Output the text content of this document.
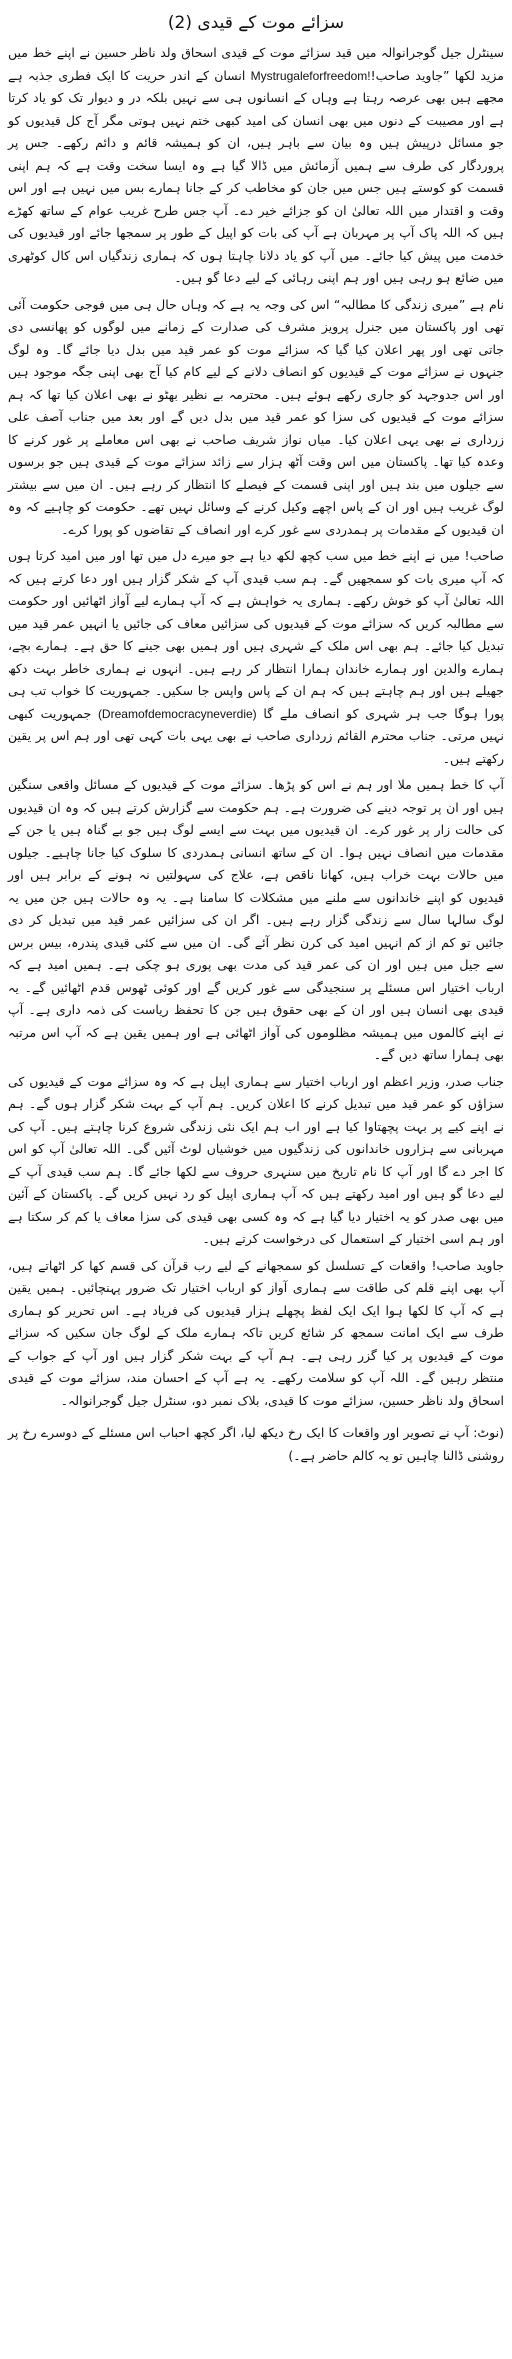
سزائے موت کے قیدی (2)

سینٹرل جیل گوجرانوالہ میں قید سزائے موت کے قیدی اسحاق ولد ناظر حسین نے اپنے خط میں مزید لکھا ”جاوید صاحب!Mystrugaleforfreedom! انسان کے اندر حریت کا ایک فطری جذبہ ہے مجھے ہیں بھی عرصہ رہتا ہے وہاں کے انسانوں ہی سے نہیں بلکہ در و دیوار تک کو یاد کرتا ہے اور مصیبت کے دنوں میں بھی انسان کی امید کبھی ختم نہیں ہوتی مگر آج کل قیدیوں کو جو مسائل درپیش ہیں وہ بیان سے باہر ہیں، ان کو ہمیشہ قائم و دائم رکھے۔ جس پر پروردگار کی طرف سے ہمیں آزمائش میں ڈالا گیا ہے وہ ایسا سخت وقت ہے کہ ہم اپنی قسمت کو کوستے ہیں جس میں جان کو مخاطب کر کے جانا ہمارے بس میں نہیں ہے اور اس وقت و اقتدار میں اللہ تعالیٰ ان کو جزائے خیر دے۔ آپ جس طرح غریب عوام کے ساتھ کھڑے ہیں کہ اللہ پاک آپ پر مہربان ہے آپ کی بات کو اپیل کے طور پر سمجھا جائے اور قیدیوں کی خدمت میں پیش کیا جائے۔ میں آپ کو یاد دلانا چاہتا ہوں کہ ہماری زندگیاں اس کال کوٹھری میں ضائع ہو رہی ہیں اور ہم اپنی رہائی کے لیے دعا گو ہیں۔

نام ہے ”میری زندگی کا مطالبہ“ اس کی وجہ یہ ہے کہ وہاں حال ہی میں فوجی حکومت آئی تھی اور پاکستان میں جنرل پرویز مشرف کی صدارت کے زمانے میں لوگوں کو پھانسی دی جاتی تھی اور پھر اعلان کیا گیا کہ سزائے موت کو عمر قید میں بدل دیا جائے گا۔ وہ لوگ جنہوں نے سزائے موت کے قیدیوں کو انصاف دلانے کے لیے کام کیا آج بھی اپنی جگہ موجود ہیں اور اس جدوجہد کو جاری رکھے ہوئے ہیں۔ محترمہ بے نظیر بھٹو نے بھی اعلان کیا تھا کہ ہم سزائے موت کے قیدیوں کی سزا کو عمر قید میں بدل دیں گے اور بعد میں جناب آصف علی زرداری نے بھی یہی اعلان کیا۔ میاں نواز شریف صاحب نے بھی اس معاملے پر غور کرنے کا وعدہ کیا تھا۔ پاکستان میں اس وقت آٹھ ہزار سے زائد سزائے موت کے قیدی ہیں جو برسوں سے جیلوں میں بند ہیں اور اپنی قسمت کے فیصلے کا انتظار کر رہے ہیں۔ ان میں سے بیشتر لوگ غریب ہیں اور ان کے پاس اچھے وکیل کرنے کے وسائل نہیں تھے۔ حکومت کو چاہیے کہ وہ ان قیدیوں کے مقدمات پر ہمدردی سے غور کرے اور انصاف کے تقاضوں کو پورا کرے۔

صاحب! میں نے اپنے خط میں سب کچھ لکھ دیا ہے جو میرے دل میں تھا اور میں امید کرتا ہوں کہ آپ میری بات کو سمجھیں گے۔ ہم سب قیدی آپ کے شکر گزار ہیں اور دعا کرتے ہیں کہ اللہ تعالیٰ آپ کو خوش رکھے۔ ہماری یہ خواہش ہے کہ آپ ہمارے لیے آواز اٹھائیں اور حکومت سے مطالبہ کریں کہ سزائے موت کے قیدیوں کی سزائیں معاف کی جائیں یا انہیں عمر قید میں تبدیل کیا جائے۔ ہم بھی اس ملک کے شہری ہیں اور ہمیں بھی جینے کا حق ہے۔ ہمارے بچے، ہمارے والدین اور ہمارے خاندان ہمارا انتظار کر رہے ہیں۔ انہوں نے ہماری خاطر بہت دکھ جھیلے ہیں اور ہم چاہتے ہیں کہ ہم ان کے پاس واپس جا سکیں۔ جمہوریت کا خواب تب ہی پورا ہوگا جب ہر شہری کو انصاف ملے گا (Dreamofdemocracyneverdie) جمہوریت کبھی نہیں مرتی۔ جناب محترم القائم زرداری صاحب نے بھی یہی بات کہی تھی اور ہم اس پر یقین رکھتے ہیں۔

آپ کا خط ہمیں ملا اور ہم نے اس کو پڑھا۔ سزائے موت کے قیدیوں کے مسائل واقعی سنگین ہیں اور ان پر توجہ دینے کی ضرورت ہے۔ ہم حکومت سے گزارش کرتے ہیں کہ وہ ان قیدیوں کی حالت زار پر غور کرے۔ ان قیدیوں میں بہت سے ایسے لوگ ہیں جو بے گناہ ہیں یا جن کے مقدمات میں انصاف نہیں ہوا۔ ان کے ساتھ انسانی ہمدردی کا سلوک کیا جانا چاہیے۔ جیلوں میں حالات بہت خراب ہیں، کھانا ناقص ہے، علاج کی سہولتیں نہ ہونے کے برابر ہیں اور قیدیوں کو اپنے خاندانوں سے ملنے میں مشکلات کا سامنا ہے۔ یہ وہ حالات ہیں جن میں یہ لوگ سالہا سال سے زندگی گزار رہے ہیں۔ اگر ان کی سزائیں عمر قید میں تبدیل کر دی جائیں تو کم از کم انہیں امید کی کرن نظر آئے گی۔ ان میں سے کئی قیدی پندرہ، بیس برس سے جیل میں ہیں اور ان کی عمر قید کی مدت بھی پوری ہو چکی ہے۔ ہمیں امید ہے کہ ارباب اختیار اس مسئلے پر سنجیدگی سے غور کریں گے اور کوئی ٹھوس قدم اٹھائیں گے۔ یہ قیدی بھی انسان ہیں اور ان کے بھی حقوق ہیں جن کا تحفظ ریاست کی ذمہ داری ہے۔ آپ نے اپنے کالموں میں ہمیشہ مظلوموں کی آواز اٹھائی ہے اور ہمیں یقین ہے کہ آپ اس مرتبہ بھی ہمارا ساتھ دیں گے۔

جناب صدر، وزیر اعظم اور ارباب اختیار سے ہماری اپیل ہے کہ وہ سزائے موت کے قیدیوں کی سزاؤں کو عمر قید میں تبدیل کرنے کا اعلان کریں۔ ہم آپ کے بہت شکر گزار ہوں گے۔ ہم نے اپنے کیے پر بہت پچھتاوا کیا ہے اور اب ہم ایک نئی زندگی شروع کرنا چاہتے ہیں۔ آپ کی مہربانی سے ہزاروں خاندانوں کی زندگیوں میں خوشیاں لوٹ آئیں گی۔ اللہ تعالیٰ آپ کو اس کا اجر دے گا اور آپ کا نام تاریخ میں سنہری حروف سے لکھا جائے گا۔ ہم سب قیدی آپ کے لیے دعا گو ہیں اور امید رکھتے ہیں کہ آپ ہماری اپیل کو رد نہیں کریں گے۔ پاکستان کے آئین میں بھی صدر کو یہ اختیار دیا گیا ہے کہ وہ کسی بھی قیدی کی سزا معاف یا کم کر سکتا ہے اور ہم اسی اختیار کے استعمال کی درخواست کرتے ہیں۔

جاوید صاحب! واقعات کے تسلسل کو سمجھانے کے لیے رب قرآن کی قسم کھا کر اٹھاتے ہیں، آپ بھی اپنے قلم کی طاقت سے ہماری آواز کو ارباب اختیار تک ضرور پہنچائیں۔ ہمیں یقین ہے کہ آپ کا لکھا ہوا ایک ایک لفظ پچھلے ہزار قیدیوں کی فریاد ہے۔ اس تحریر کو ہماری طرف سے ایک امانت سمجھ کر شائع کریں تاکہ ہمارے ملک کے لوگ جان سکیں کہ سزائے موت کے قیدیوں پر کیا گزر رہی ہے۔ ہم آپ کے بہت شکر گزار ہیں اور آپ کے جواب کے منتظر رہیں گے۔ اللہ آپ کو سلامت رکھے۔ یہ ہے آپ کے احسان مند، سزائے موت کے قیدی اسحاق ولد ناظر حسین، سزائے موت کا قیدی، بلاک نمبر دو، سنٹرل جیل گوجرانوالہ۔

(نوٹ: آپ نے تصویر اور واقعات کا ایک رخ دیکھ لیا، اگر کچھ احباب اس مسئلے کے دوسرے رخ پر روشنی ڈالنا چاہیں تو یہ کالم حاضر ہے۔)
